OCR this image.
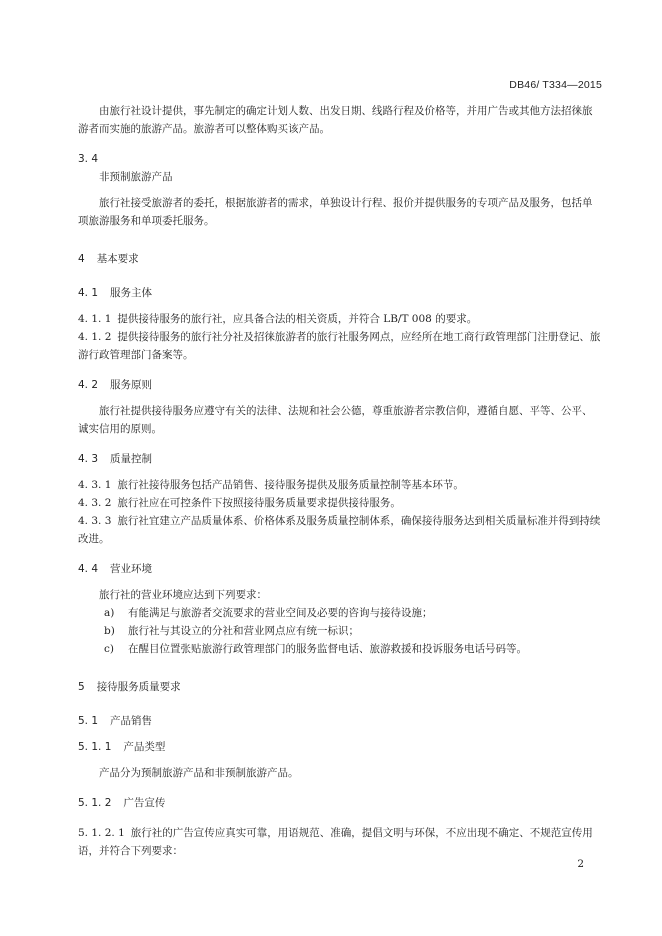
DB46/ T334—2015

由旅行社设计提供，事先制定的确定计划人数、出发日期、线路行程及价格等，并用广告或其他方法招徕旅游者而实施的旅游产品。旅游者可以整体购买该产品。

3. 4

非预制旅游产品

旅行社接受旅游者的委托，根据旅游者的需求，单独设计行程、报价并提供服务的专项产品及服务，包括单项旅游服务和单项委托服务。

4 基本要求

4. 1 服务主体

4. 1. 1 提供接待服务的旅行社，应具备合法的相关资质，并符合 LB/T 008 的要求。

4. 1. 2 提供接待服务的旅行社分社及招徕旅游者的旅行社服务网点，应经所在地工商行政管理部门注册登记、旅游行政管理部门备案等。

4. 2 服务原则

旅行社提供接待服务应遵守有关的法律、法规和社会公德，尊重旅游者宗教信仰，遵循自愿、平等、公平、诚实信用的原则。

4. 3 质量控制

4. 3. 1 旅行社接待服务包括产品销售、接待服务提供及服务质量控制等基本环节。

4. 3. 2 旅行社应在可控条件下按照接待服务质量要求提供接待服务。

4. 3. 3 旅行社宜建立产品质量体系、价格体系及服务质量控制体系，确保接待服务达到相关质量标准并得到持续改进。

4. 4 营业环境

旅行社的营业环境应达到下列要求：

a) 有能满足与旅游者交流要求的营业空间及必要的咨询与接待设施；

b) 旅行社与其设立的分社和营业网点应有统一标识；

c) 在醒目位置张贴旅游行政管理部门的服务监督电话、旅游救援和投诉服务电话号码等。

5 接待服务质量要求

5. 1 产品销售

5. 1. 1 产品类型

产品分为预制旅游产品和非预制旅游产品。

5. 1. 2 广告宣传

5. 1. 2. 1 旅行社的广告宣传应真实可靠，用语规范、准确，提倡文明与环保，不应出现不确定、不规范宣传用语，并符合下列要求：

2
